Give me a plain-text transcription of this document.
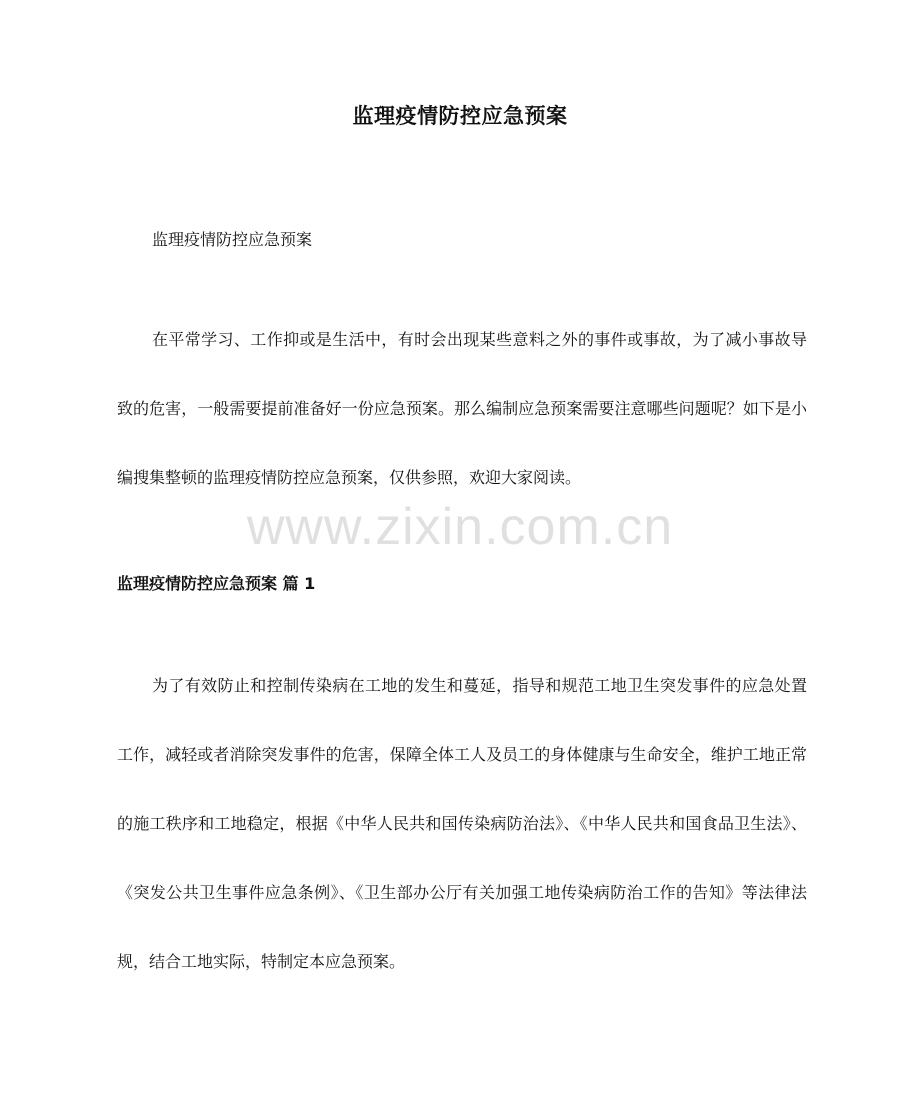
监理疫情防控应急预案
监理疫情防控应急预案

在平常学习、工作抑或是生活中，有时会出现某些意料之外的事件或事故，为了减小事故导致的危害，一般需要提前准备好一份应急预案。那么编制应急预案需要注意哪些问题呢？如下是小编搜集整顿的监理疫情防控应急预案，仅供参照，欢迎大家阅读。

www.zixin.com.cn
监理疫情防控应急预案 篇 1

为了有效防止和控制传染病在工地的发生和蔓延，指导和规范工地卫生突发事件的应急处置工作，减轻或者消除突发事件的危害，保障全体工人及员工的身体健康与生命安全，维护工地正常的施工秩序和工地稳定，根据《中华人民共和国传染病防治法》、《中华人民共和国食品卫生法》、《突发公共卫生事件应急条例》、《卫生部办公厅有关加强工地传染病防治工作的告知》等法律法规，结合工地实际，特制定本应急预案。
